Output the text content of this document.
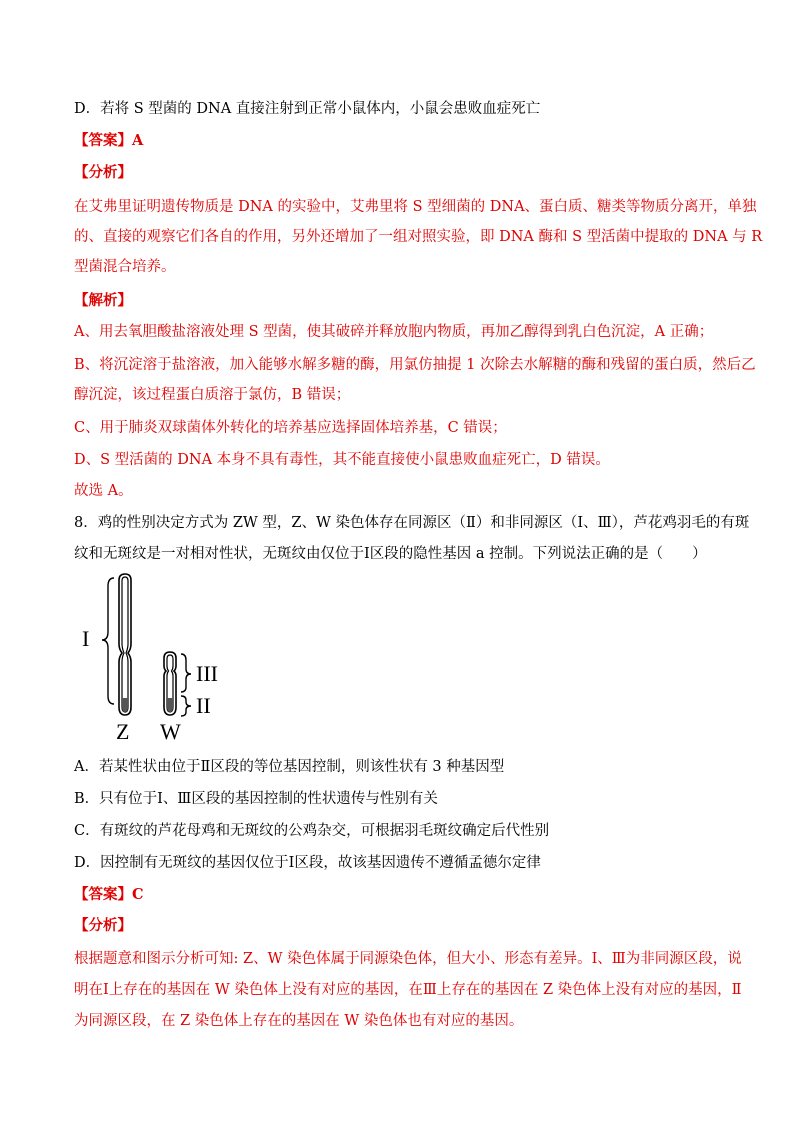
D．若将 S 型菌的 DNA 直接注射到正常小鼠体内，小鼠会患败血症死亡
【答案】A
【分析】
在艾弗里证明遗传物质是 DNA 的实验中，艾弗里将 S 型细菌的 DNA、蛋白质、糖类等物质分离开，单独
的、直接的观察它们各自的作用，另外还增加了一组对照实验，即 DNA 酶和 S 型活菌中提取的 DNA 与 R
型菌混合培养。
【解析】
A、用去氧胆酸盐溶液处理 S 型菌，使其破碎并释放胞内物质，再加乙醇得到乳白色沉淀，A 正确；
B、将沉淀溶于盐溶液，加入能够水解多糖的酶，用氯仿抽提 1 次除去水解糖的酶和残留的蛋白质，然后乙
醇沉淀，该过程蛋白质溶于氯仿，B 错误；
C、用于肺炎双球菌体外转化的培养基应选择固体培养基，C 错误；
D、S 型活菌的 DNA 本身不具有毒性，其不能直接使小鼠患败血症死亡，D 错误。
故选 A。
8．鸡的性别决定方式为 ZW 型，Z、W 染色体存在同源区（Ⅱ）和非同源区（Ⅰ、Ⅲ），芦花鸡羽毛的有斑
纹和无斑纹是一对相对性状，无斑纹由仅位于Ⅰ区段的隐性基因 a 控制。下列说法正确的是（　　）
I
III
II
Z W
A．若某性状由位于Ⅱ区段的等位基因控制，则该性状有 3 种基因型
B．只有位于Ⅰ、Ⅲ区段的基因控制的性状遗传与性别有关
C．有斑纹的芦花母鸡和无斑纹的公鸡杂交，可根据羽毛斑纹确定后代性别
D．因控制有无斑纹的基因仅位于Ⅰ区段，故该基因遗传不遵循孟德尔定律
【答案】C
【分析】
根据题意和图示分析可知: Z、W 染色体属于同源染色体，但大小、形态有差异。Ⅰ、Ⅲ为非同源区段，说
明在Ⅰ上存在的基因在 W 染色体上没有对应的基因，在Ⅲ上存在的基因在 Z 染色体上没有对应的基因，Ⅱ
为同源区段，在 Z 染色体上存在的基因在 W 染色体也有对应的基因。
